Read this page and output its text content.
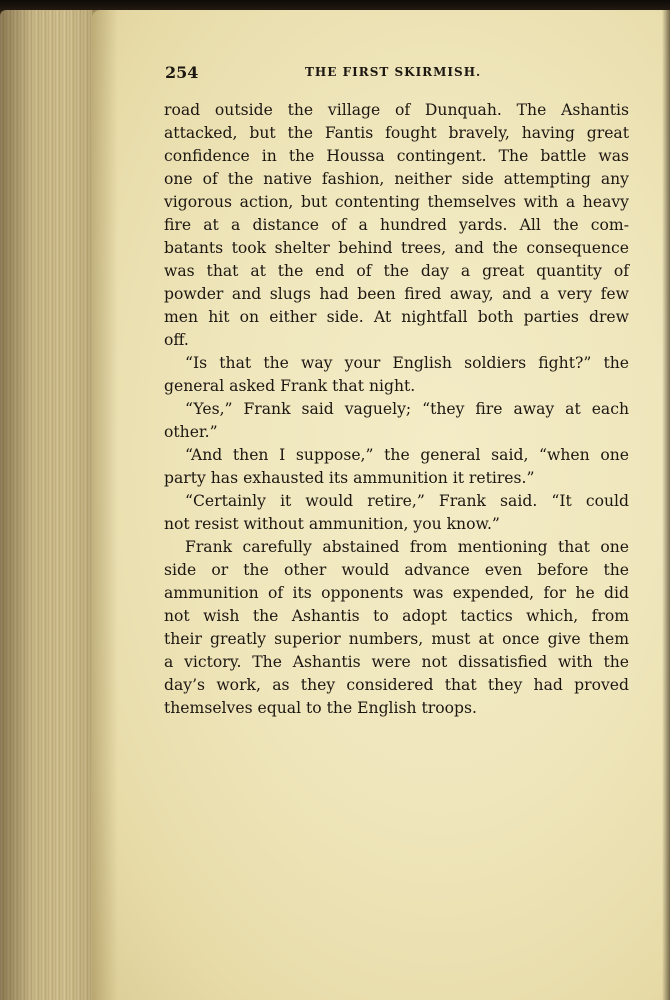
254	THE FIRST SKIRMISH.
road outside the village of Dunquah. The Ashantis
attacked, but the Fantis fought bravely, having great
confidence in the Houssa contingent. The battle was
one of the native fashion, neither side attempting any
vigorous action, but contenting themselves with a heavy
fire at a distance of a hundred yards. All the com-
batants took shelter behind trees, and the consequence
was that at the end of the day a great quantity of
powder and slugs had been fired away, and a very few
men hit on either side. At nightfall both parties drew
off.
“Is that the way your English soldiers fight?” the
general asked Frank that night.
“Yes,” Frank said vaguely; “they fire away at each
other.”
“And then I suppose,” the general said, “when one
party has exhausted its ammunition it retires.”
“Certainly it would retire,” Frank said. “It could
not resist without ammunition, you know.”
Frank carefully abstained from mentioning that one
side or the other would advance even before the
ammunition of its opponents was expended, for he did
not wish the Ashantis to adopt tactics which, from
their greatly superior numbers, must at once give them
a victory. The Ashantis were not dissatisfied with the
day’s work, as they considered that they had proved
themselves equal to the English troops.
